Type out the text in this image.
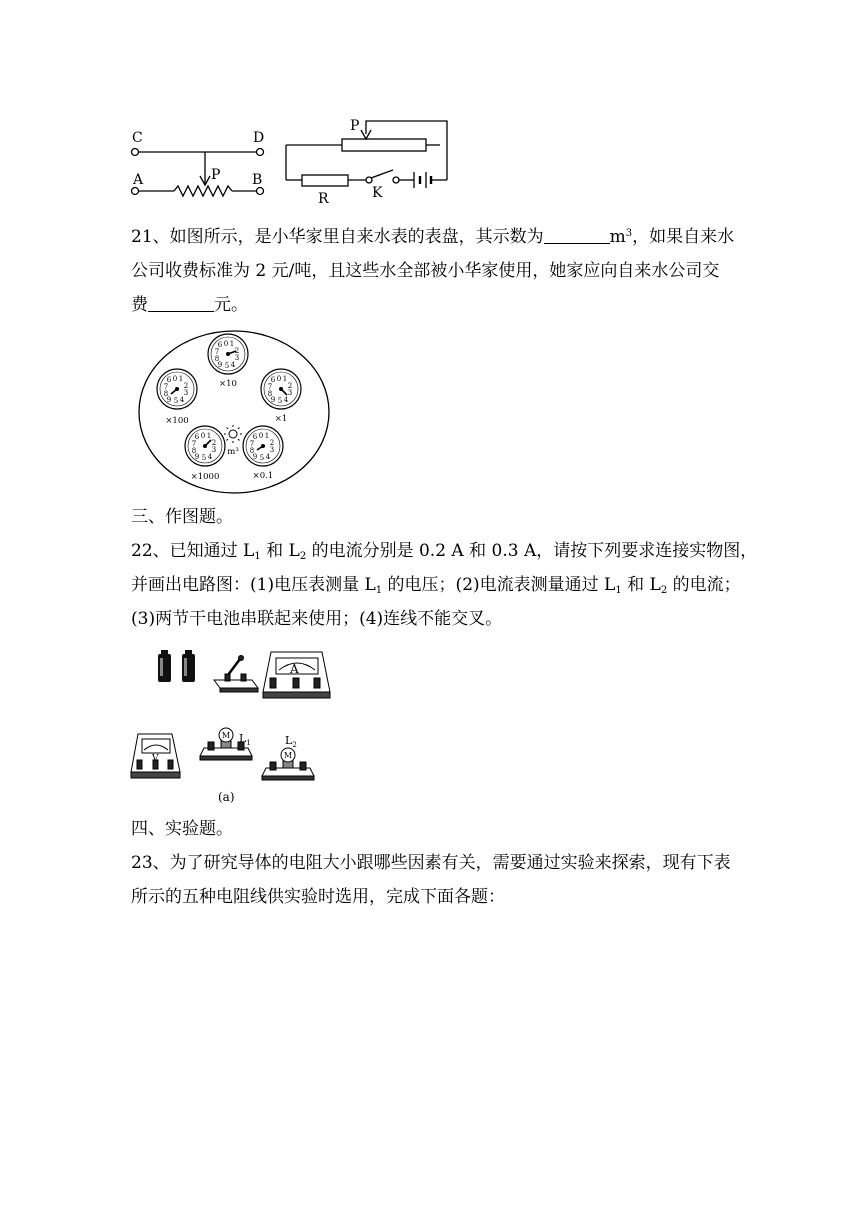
C	D
A	B
P
P
R	K
21、如图所示，是小华家里自来水表的表盘，其示数为	$m^3$，如果自来水
公司收费标准为 2 元/吨，且这些水全部被小华家使用，她家应向自来水公司交
费	元。
0 1
2
3
4
5
9
8
7
6
0 1
2
3
4
5
9
8
7
6
0 1
2
3
4
5
9
8
7
6
0 1
2
3
4
5
9
8
7
6	0 1
2
3
4
5
9
8
7
6
×10
×1
×100
×1000	×0.1
m³
三、作图题。
22、已知通过 $L_1$ 和 $L_2$ 的电流分别是 0.2 A 和 0.3 A，请按下列要求连接实物图，
并画出电路图：(1)电压表测量 $L_1$ 的电压；(2)电流表测量通过 $L_1$ 和 $L_2$ 的电流；
(3)两节干电池串联起来使用；(4)连线不能交叉。
A
V
M $L_1$
M
$L_2$
(a)
四、实验题。
23、为了研究导体的电阻大小跟哪些因素有关，需要通过实验来探索，现有下表
所示的五种电阻线供实验时选用，完成下面各题：
